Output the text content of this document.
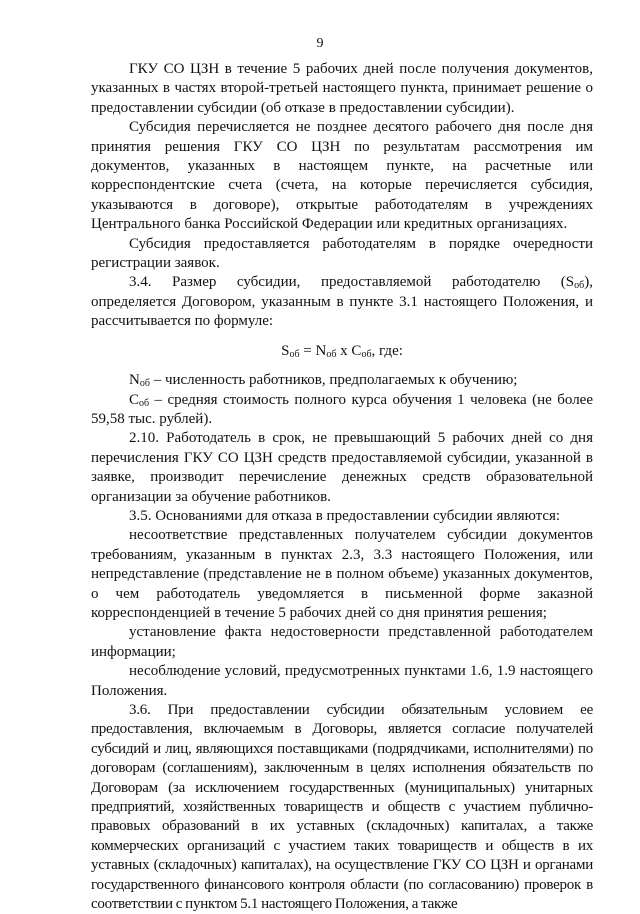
9

ГКУ СО ЦЗН в течение 5 рабочих дней после получения документов, указанных в частях второй-третьей настоящего пункта, принимает решение о предоставлении субсидии (об отказе в предоставлении субсидии).

Субсидия перечисляется не позднее десятого рабочего дня после дня принятия решения ГКУ СО ЦЗН по результатам рассмотрения им документов, указанных в настоящем пункте, на расчетные или корреспондентские счета (счета, на которые перечисляется субсидия, указываются в договоре), открытые работодателям в учреждениях Центрального банка Российской Федерации или кредитных организациях.

Субсидия предоставляется работодателям в порядке очередности регистрации заявок.

3.4. Размер субсидии, предоставляемой работодателю $(S_{об})$, определяется Договором, указанным в пункте 3.1 настоящего Положения, и рассчитывается по формуле:

$S_{об} = N_{об}$ x $C_{об}$, где:

$N_{об}$ – численность работников, предполагаемых к обучению;

$C_{об}$ – средняя стоимость полного курса обучения 1 человека (не более 59,58 тыс. рублей).

2.10. Работодатель в срок, не превышающий 5 рабочих дней со дня перечисления ГКУ СО ЦЗН средств предоставляемой субсидии, указанной в заявке, производит перечисление денежных средств образовательной организации за обучение работников.

3.5. Основаниями для отказа в предоставлении субсидии являются:

несоответствие представленных получателем субсидии документов требованиям, указанным в пунктах 2.3, 3.3 настоящего Положения, или непредставление (представление не в полном объеме) указанных документов, о чем работодатель уведомляется в письменной форме заказной корреспонденцией в течение 5 рабочих дней со дня принятия решения;

установление факта недостоверности представленной работодателем информации;

несоблюдение условий, предусмотренных пунктами 1.6, 1.9 настоящего Положения.

3.6. При предоставлении субсидии обязательным условием ее предоставления, включаемым в Договоры, является согласие получателей субсидий и лиц, являющихся поставщиками (подрядчиками, исполнителями) по договорам (соглашениям), заключенным в целях исполнения обязательств по Договорам (за исключением государственных (муниципальных) унитарных предприятий, хозяйственных товариществ и обществ с участием публично-правовых образований в их уставных (складочных) капиталах, а также коммерческих организаций с участием таких товариществ и обществ в их уставных (складочных) капиталах), на осуществление ГКУ СО ЦЗН и органами государственного финансового контроля области (по согласованию) проверок в соответствии с пунктом 5.1 настоящего Положения, а также
